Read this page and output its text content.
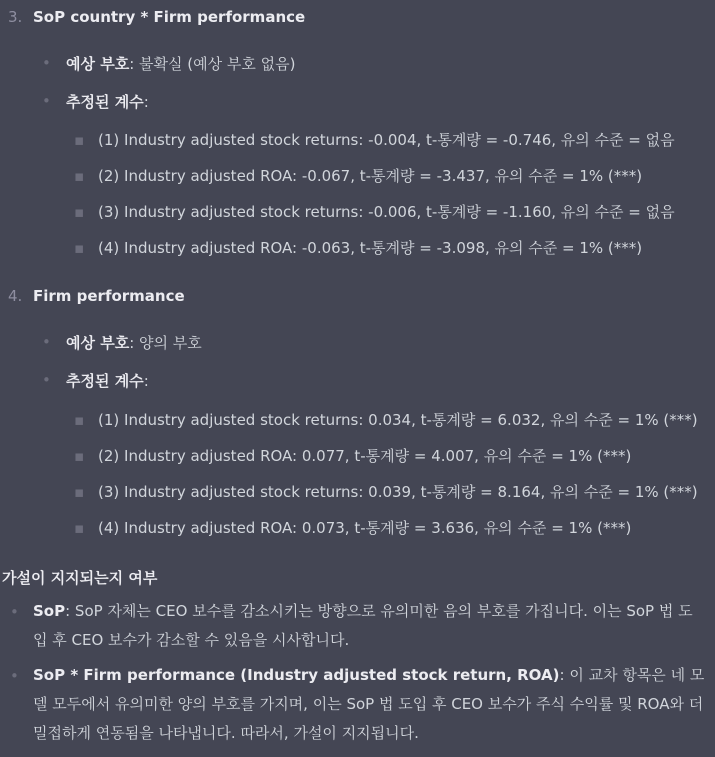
3. SoP country * Firm performance
• 예상 부호: 불확실 (예상 부호 없음)
• 추정된 계수:
▪ (1) Industry adjusted stock returns: -0.004, t-통계량 = -0.746, 유의 수준 = 없음
▪ (2) Industry adjusted ROA: -0.067, t-통계량 = -3.437, 유의 수준 = 1% (***)
▪ (3) Industry adjusted stock returns: -0.006, t-통계량 = -1.160, 유의 수준 = 없음
▪ (4) Industry adjusted ROA: -0.063, t-통계량 = -3.098, 유의 수준 = 1% (***)
4. Firm performance
• 예상 부호: 양의 부호
• 추정된 계수:
▪ (1) Industry adjusted stock returns: 0.034, t-통계량 = 6.032, 유의 수준 = 1% (***)
▪ (2) Industry adjusted ROA: 0.077, t-통계량 = 4.007, 유의 수준 = 1% (***)
▪ (3) Industry adjusted stock returns: 0.039, t-통계량 = 8.164, 유의 수준 = 1% (***)
▪ (4) Industry adjusted ROA: 0.073, t-통계량 = 3.636, 유의 수준 = 1% (***)
가설이 지지되는지 여부
• SoP: SoP 자체는 CEO 보수를 감소시키는 방향으로 유의미한 음의 부호를 가집니다. 이는 SoP 법 도입 후 CEO 보수가 감소할 수 있음을 시사합니다.
• SoP * Firm performance (Industry adjusted stock return, ROA): 이 교차 항목은 네 모델 모두에서 유의미한 양의 부호를 가지며, 이는 SoP 법 도입 후 CEO 보수가 주식 수익률 및 ROA와 더 밀접하게 연동됨을 나타냅니다. 따라서, 가설이 지지됩니다.
